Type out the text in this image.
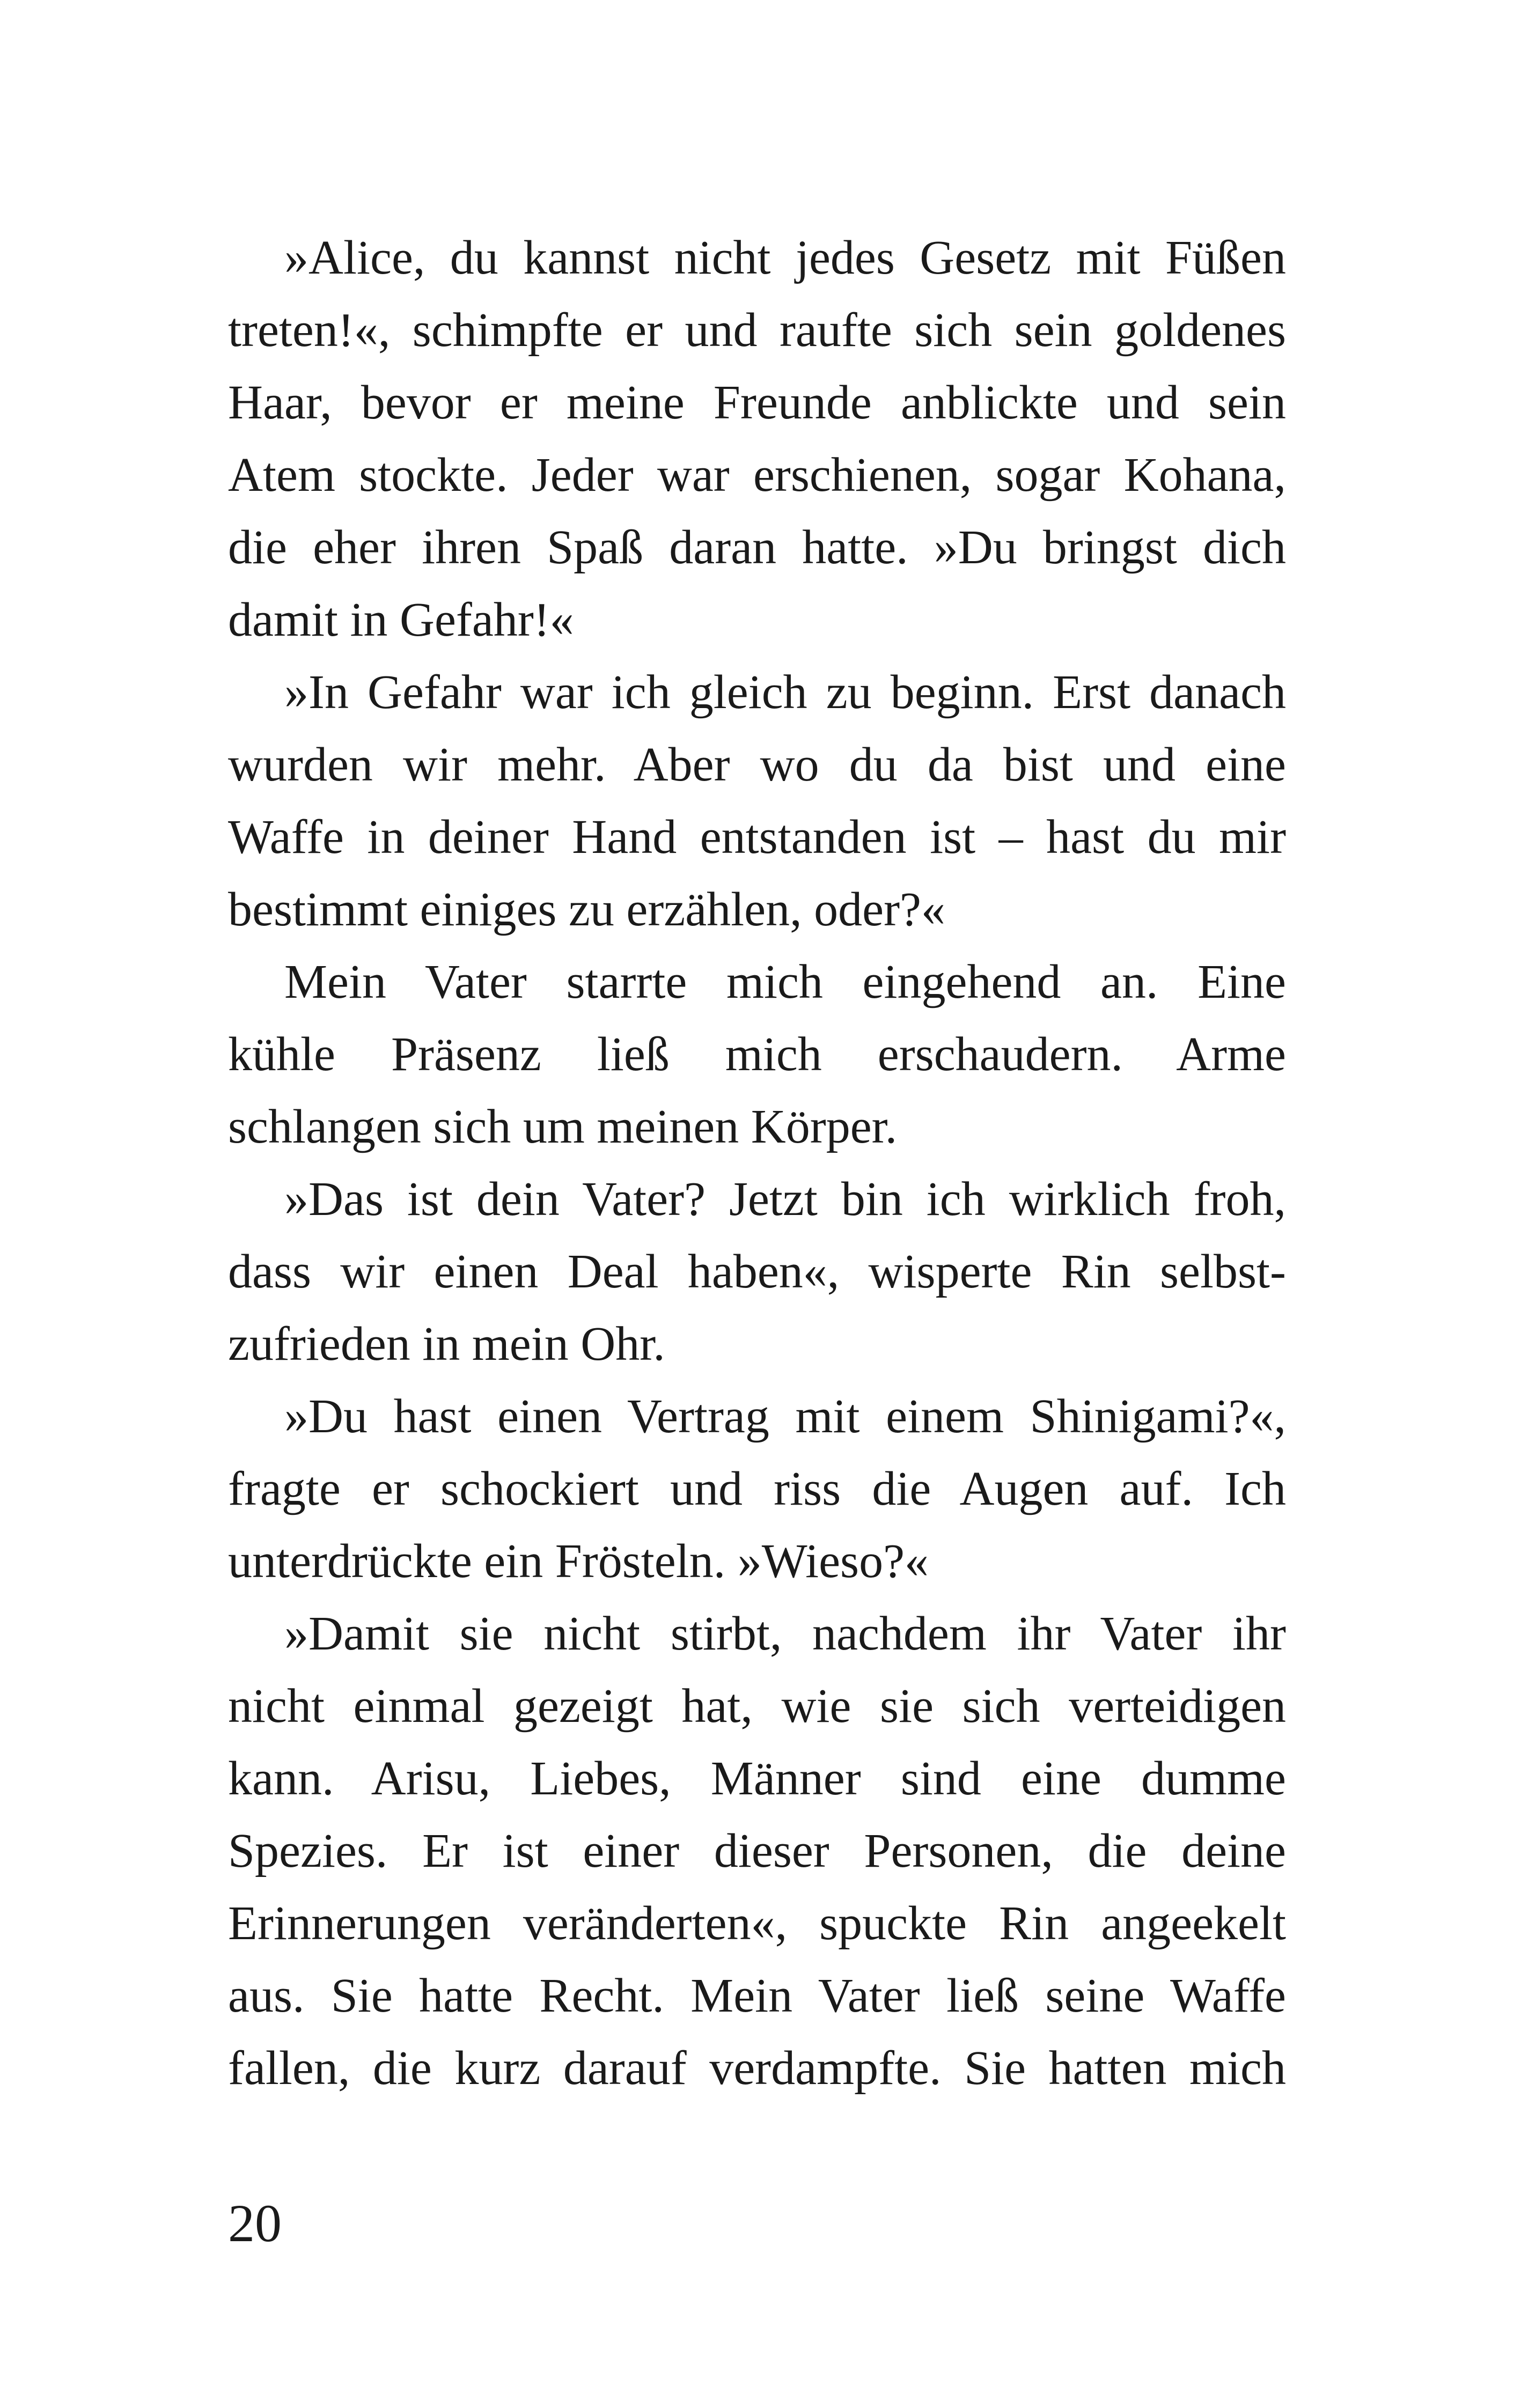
»Alice, du kannst nicht jedes Gesetz mit Füßen
treten!«, schimpfte er und raufte sich sein goldenes
Haar, bevor er meine Freunde anblickte und sein
Atem stockte. Jeder war erschienen, sogar Kohana,
die eher ihren Spaß daran hatte. »Du bringst dich
damit in Gefahr!«

»In Gefahr war ich gleich zu beginn. Erst danach
wurden wir mehr. Aber wo du da bist und eine
Waffe in deiner Hand entstanden ist – hast du mir
bestimmt einiges zu erzählen, oder?«

Mein Vater starrte mich eingehend an. Eine
kühle Präsenz ließ mich erschaudern. Arme
schlangen sich um meinen Körper.

»Das ist dein Vater? Jetzt bin ich wirklich froh,
dass wir einen Deal haben«, wisperte Rin selbst-
zufrieden in mein Ohr.

»Du hast einen Vertrag mit einem Shinigami?«,
fragte er schockiert und riss die Augen auf. Ich
unterdrückte ein Frösteln. »Wieso?«

»Damit sie nicht stirbt, nachdem ihr Vater ihr
nicht einmal gezeigt hat, wie sie sich verteidigen
kann. Arisu, Liebes, Männer sind eine dumme
Spezies. Er ist einer dieser Personen, die deine
Erinnerungen veränderten«, spuckte Rin angeekelt
aus. Sie hatte Recht. Mein Vater ließ seine Waffe
fallen, die kurz darauf verdampfte. Sie hatten mich

20
